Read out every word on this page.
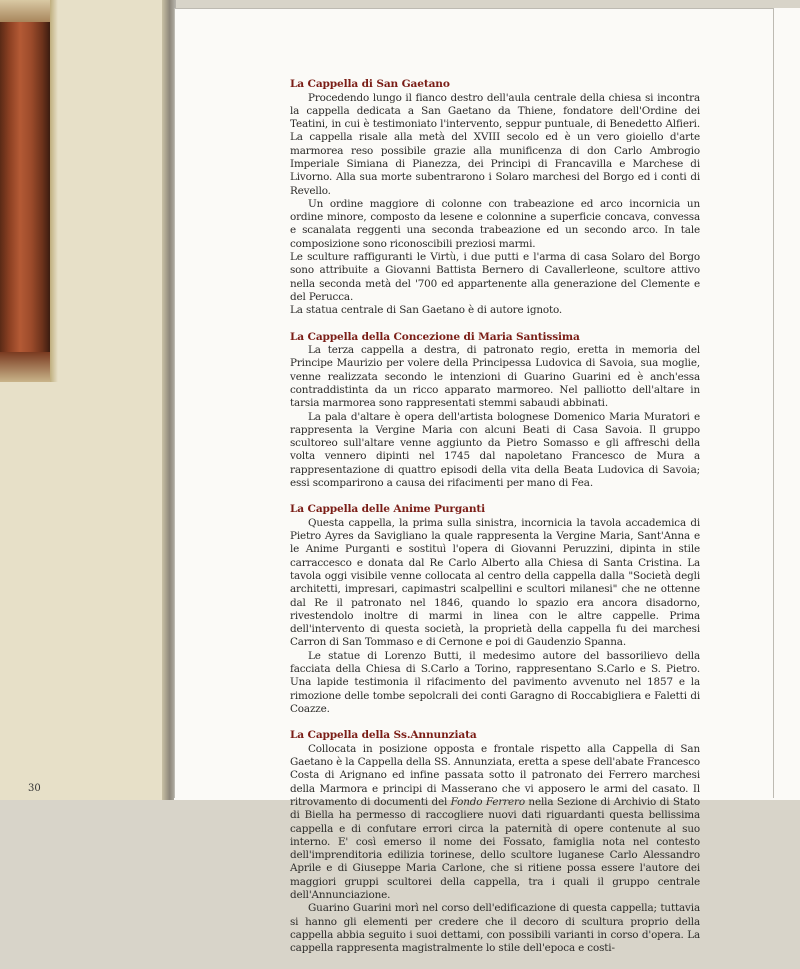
30
La Cappella di San Gaetano

Procedendo lungo il fianco destro dell'aula centrale della chiesa si incontra la cappella dedicata a San Gaetano da Thiene, fondatore dell'Ordine dei Teatini, in cui è testimoniato l'intervento, seppur puntuale, di Benedetto Alfieri. La cappella risale alla metà del XVIII secolo ed è un vero gioiello d'arte marmorea reso possibile grazie alla munificenza di don Carlo Ambrogio Imperiale Simiana di Pianezza, dei Principi di Francavilla e Marchese di Livorno. Alla sua morte subentrarono i Solaro marchesi del Borgo ed i conti di Revello.

Un ordine maggiore di colonne con trabeazione ed arco incornicia un ordine minore, composto da lesene e colonnine a superficie concava, convessa e scanalata reggenti una seconda trabeazione ed un secondo arco. In tale composizione sono riconoscibili preziosi marmi.

Le sculture raffiguranti le Virtù, i due putti e l'arma di casa Solaro del Borgo sono attribuite a Giovanni Battista Bernero di Cavallerleone, scultore attivo nella seconda metà del '700 ed appartenente alla generazione del Clemente e del Perucca.

La statua centrale di San Gaetano è di autore ignoto.

La Cappella della Concezione di Maria Santissima

La terza cappella a destra, di patronato regio, eretta in memoria del Principe Maurizio per volere della Principessa Ludovica di Savoia, sua moglie, venne realizzata secondo le intenzioni di Guarino Guarini ed è anch'essa contraddistinta da un ricco apparato marmoreo. Nel palliotto dell'altare in tarsia marmorea sono rappresentati stemmi sabaudi abbinati.

La pala d'altare è opera dell'artista bolognese Domenico Maria Muratori e rappresenta la Vergine Maria con alcuni Beati di Casa Savoia. Il gruppo scultoreo sull'altare venne aggiunto da Pietro Somasso e gli affreschi della volta vennero dipinti nel 1745 dal napoletano Francesco de Mura a rappresentazione di quattro episodi della vita della Beata Ludovica di Savoia; essi scomparirono a causa dei rifacimenti per mano di Fea.

La Cappella delle Anime Purganti

Questa cappella, la prima sulla sinistra, incornicia la tavola accademica di Pietro Ayres da Savigliano la quale rappresenta la Vergine Maria, Sant'Anna e le Anime Purganti e sostituì l'opera di Giovanni Peruzzini, dipinta in stile carraccesco e donata dal Re Carlo Alberto alla Chiesa di Santa Cristina. La tavola oggi visibile venne collocata al centro della cappella dalla "Società degli architetti, impresari, capimastri scalpellini e scultori milanesi" che ne ottenne dal Re il patronato nel 1846, quando lo spazio era ancora disadorno, rivestendolo inoltre di marmi in linea con le altre cappelle. Prima dell'intervento di questa società, la proprietà della cappella fu dei marchesi Carron di San Tommaso e di Cernone e poi di Gaudenzio Spanna.

Le statue di Lorenzo Butti, il medesimo autore del bassorilievo della facciata della Chiesa di S.Carlo a Torino, rappresentano S.Carlo e S. Pietro. Una lapide testimonia il rifacimento del pavimento avvenuto nel 1857 e la rimozione delle tombe sepolcrali dei conti Garagno di Roccabigliera e Faletti di Coazze.

La Cappella della Ss.Annunziata

Collocata in posizione opposta e frontale rispetto alla Cappella di San Gaetano è la Cappella della SS. Annunziata, eretta a spese dell'abate Francesco Costa di Arignano ed infine passata sotto il patronato dei Ferrero marchesi della Marmora e principi di Masserano che vi apposero le armi del casato. Il ritrovamento di documenti del Fondo Ferrero nella Sezione di Archivio di Stato di Biella ha permesso di raccogliere nuovi dati riguardanti questa bellissima cappella e di confutare errori circa la paternità di opere contenute al suo interno. E' così emerso il nome dei Fossato, famiglia nota nel contesto dell'imprenditoria edilizia torinese, dello scultore luganese Carlo Alessandro Aprile e di Giuseppe Maria Carlone, che si ritiene possa essere l'autore dei maggiori gruppi scultorei della cappella, tra i quali il gruppo centrale dell'Annunciazione.

Guarino Guarini morì nel corso dell'edificazione di questa cappella; tuttavia si hanno gli elementi per credere che il decoro di scultura proprio della cappella abbia seguito i suoi dettami, con possibili varianti in corso d'opera. La cappella rappresenta magistralmente lo stile dell'epoca e costi-
